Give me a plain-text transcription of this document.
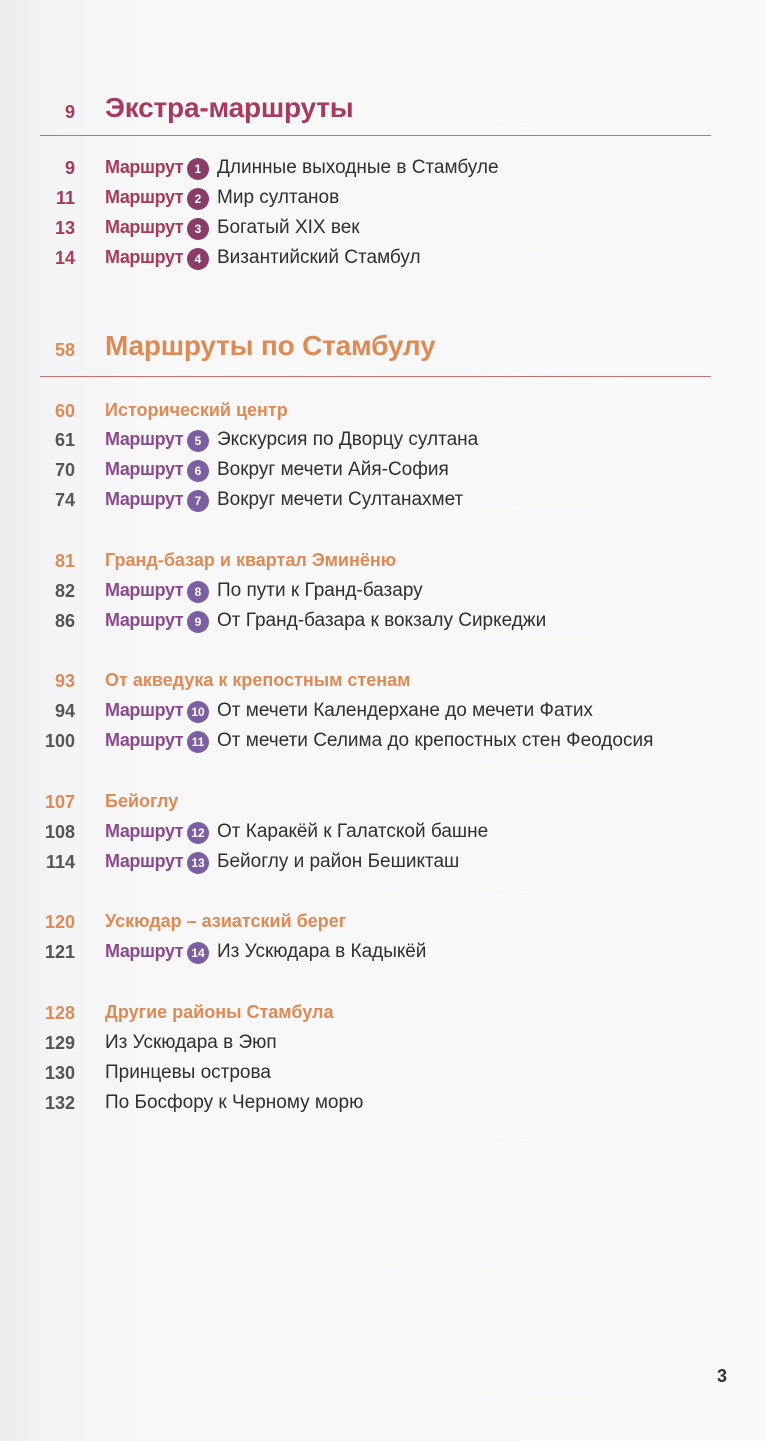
9 Экстра-маршруты
9 Маршрут 1 Длинные выходные в Стамбуле
11 Маршрут 2 Мир султанов
13 Маршрут 3 Богатый XIX век
14 Маршрут 4 Византийский Стамбул
58 Маршруты по Стамбулу
60 Исторический центр
61 Маршрут 5 Экскурсия по Дворцу султана
70 Маршрут 6 Вокруг мечети Айя-София
74 Маршрут 7 Вокруг мечети Султанахмет
81 Гранд-базар и квартал Эминёню
82 Маршрут 8 По пути к Гранд-базару
86 Маршрут 9 От Гранд-базара к вокзалу Сиркеджи
93 От акведука к крепостным стенам
94 Маршрут 10 От мечети Календерхане до мечети Фатих
100 Маршрут 11 От мечети Селима до крепостных стен Феодосия
107 Бейоглу
108 Маршрут 12 От Каракёй к Галатской башне
114 Маршрут 13 Бейоглу и район Бешикташ
120 Ускюдар – азиатский берег
121 Маршрут 14 Из Ускюдара в Кадыкёй
128 Другие районы Стамбула
129 Из Ускюдара в Эюп
130 Принцевы острова
132 По Босфору к Черному морю
3
